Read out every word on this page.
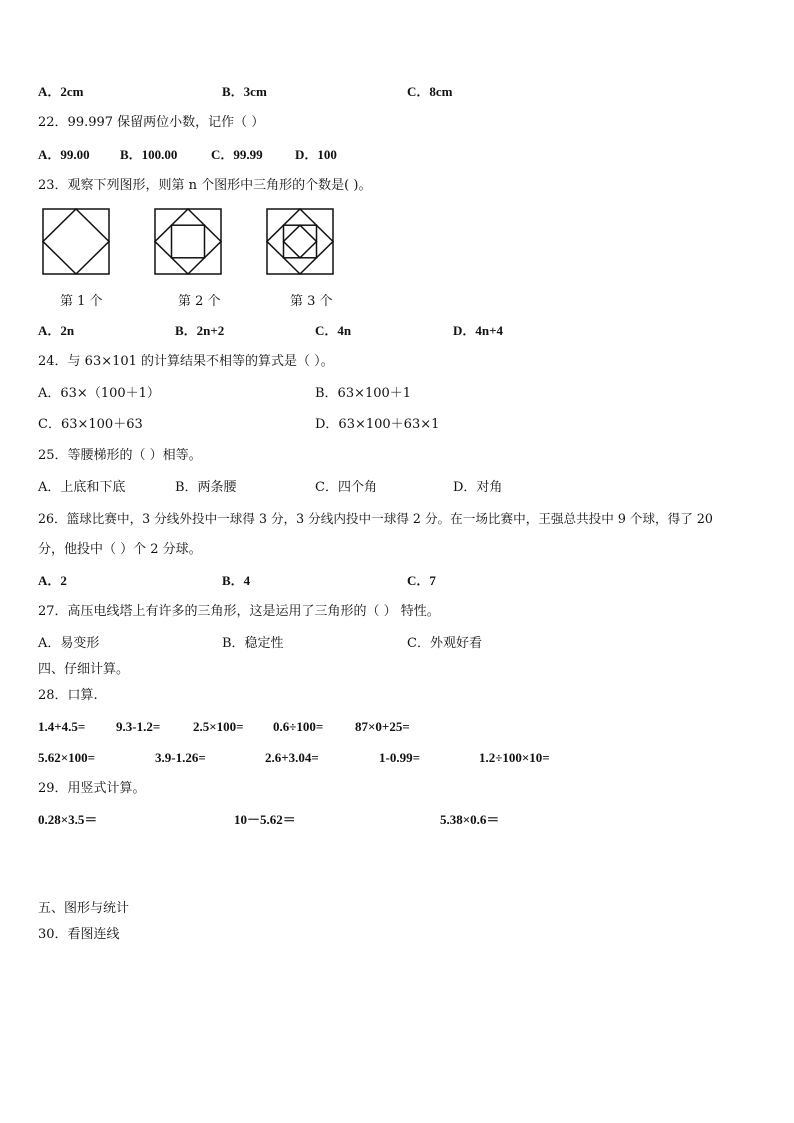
A．2cm	B．3cm	C．8cm
22．99.997 保留两位小数，记作（ ）
A．99.00 B．100.00	C．99.99 D．100
23．观察下列图形，则第 n 个图形中三角形的个数是( )。
第 1 个	第 2 个	第 3 个
A．2n	B．2n+2	C．4n	D．4n+4
24．与 63×101 的计算结果不相等的算式是（ ）。
A．63×（100＋1）	B．63×100＋1
C．63×100＋63	D．63×100＋63×1
25．等腰梯形的（ ）相等。
A．上底和下底	B．两条腰	C．四个角	D．对角
26．篮球比赛中，3 分线外投中一球得 3 分，3 分线内投中一球得 2 分。在一场比赛中，王强总共投中 9 个球，得了 20
分，他投中（ ）个 2 分球。
A．2	B．4	C．7
27．高压电线塔上有许多的三角形，这是运用了三角形的（ ） 特性。
A．易变形	B．稳定性	C．外观好看
四、仔细计算。
28．口算.
1.4+4.5= 9.3-1.2=	2.5×100= 0.6÷100= 87×0+25=
5.62×100=	3.9-1.26=	2.6+3.04=	1-0.99=	1.2÷100×10=
29．用竖式计算。
0.28×3.5＝	10－5.62＝	5.38×0.6＝
五、图形与统计
30．看图连线
